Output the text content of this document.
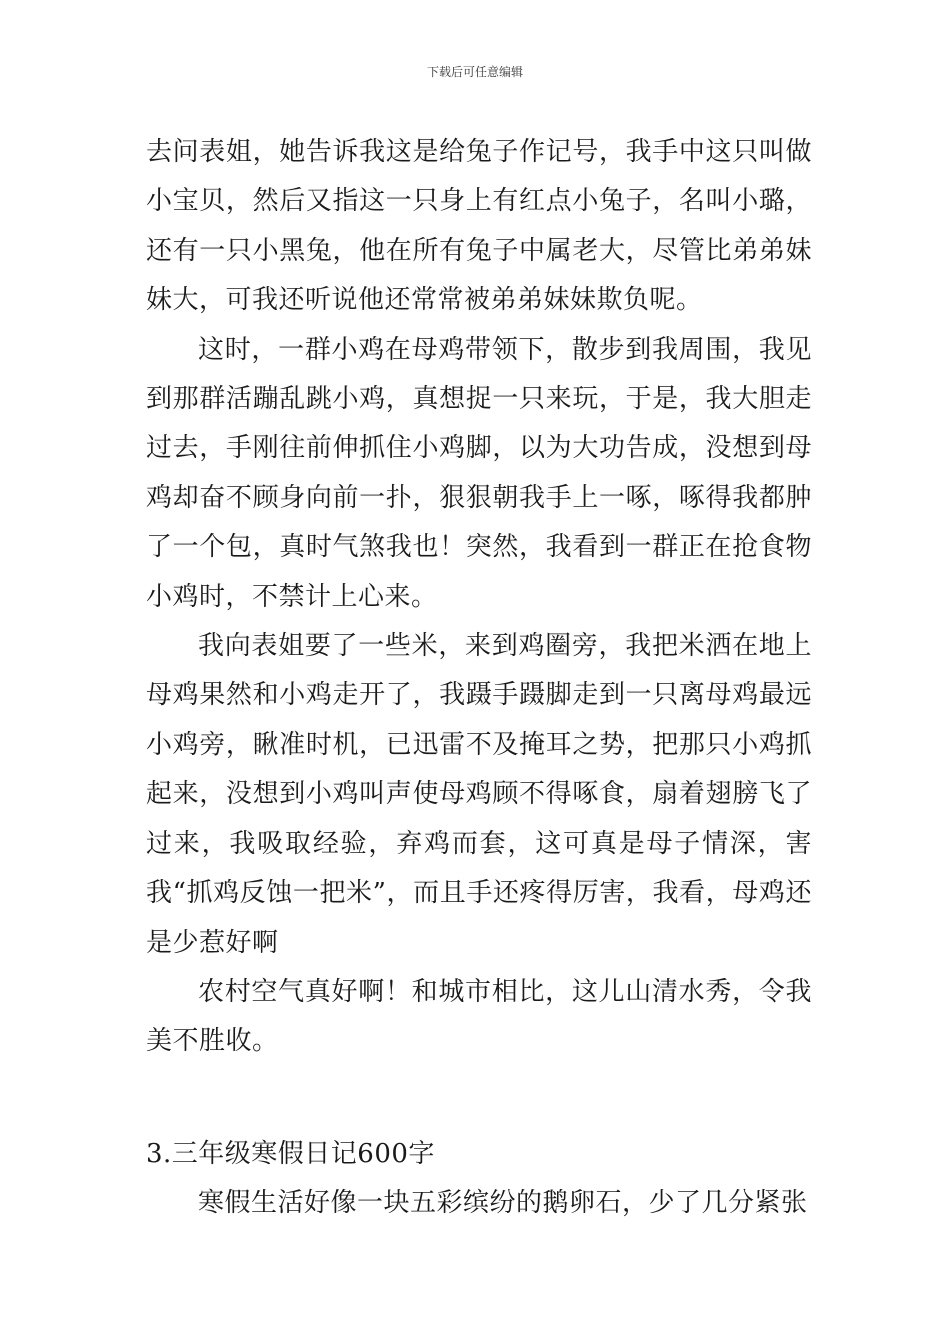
下载后可任意编辑

去问表姐，她告诉我这是给兔子作记号，我手中这只叫做小宝贝，然后又指这一只身上有红点小兔子，名叫小璐，还有一只小黑兔，他在所有兔子中属老大，尽管比弟弟妹妹大，可我还听说他还常常被弟弟妹妹欺负呢。

这时，一群小鸡在母鸡带领下，散步到我周围，我见到那群活蹦乱跳小鸡，真想捉一只来玩，于是，我大胆走过去，手刚往前伸抓住小鸡脚，以为大功告成，没想到母鸡却奋不顾身向前一扑，狠狠朝我手上一啄，啄得我都肿了一个包，真时气煞我也！突然，我看到一群正在抢食物小鸡时，不禁计上心来。

我向表姐要了一些米，来到鸡圈旁，我把米洒在地上母鸡果然和小鸡走开了，我蹑手蹑脚走到一只离母鸡最远小鸡旁，瞅准时机，已迅雷不及掩耳之势，把那只小鸡抓起来，没想到小鸡叫声使母鸡顾不得啄食，扇着翅膀飞了过来，我吸取经验，弃鸡而套，这可真是母子情深，害我“抓鸡反蚀一把米”，而且手还疼得厉害，我看，母鸡还是少惹好啊

农村空气真好啊！和城市相比，这儿山清水秀，令我美不胜收。

3.三年级寒假日记600字

寒假生活好像一块五彩缤纷的鹅卵石，少了几分紧张
